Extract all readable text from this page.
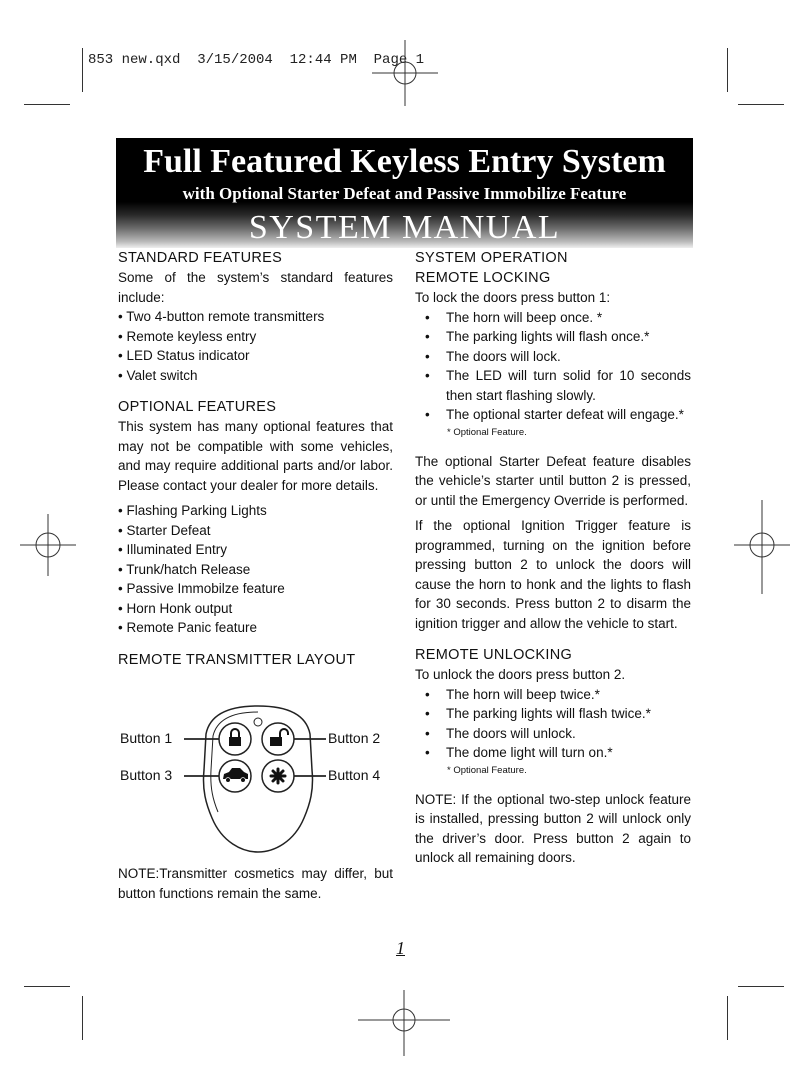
853 new.qxd  3/15/2004  12:44 PM  Page 1
Full Featured Keyless Entry System
with Optional Starter Defeat and Passive Immobilize Feature
SYSTEM MANUAL
STANDARD FEATURES

Some of the system’s standard features include:

• Two 4-button remote transmitters
• Remote keyless entry
• LED Status indicator
• Valet switch
OPTIONAL FEATURES

This system has many optional features that may not be compatible with some vehicles, and may require additional parts and/or labor. Please contact your dealer for more details.

• Flashing Parking Lights
• Starter Defeat
• Illuminated Entry
• Trunk/hatch Release
• Passive Immobilze feature
• Horn Honk output
• Remote Panic feature
REMOTE TRANSMITTER LAYOUT
Button 1	Button 2
Button 3	Button 4

NOTE:Transmitter cosmetics may differ, but button functions remain the same.

SYSTEM OPERATION
REMOTE LOCKING

To lock the doors press button 1:

• The horn will beep once. *
• The parking lights will flash once.*
• The doors will lock.
• The LED will turn solid for 10 seconds then start flashing slowly.
• The optional starter defeat will engage.*
* Optional Feature.

The optional Starter Defeat feature disables the vehicle’s starter until button 2 is pressed, or until the Emergency Override is performed.

If the optional Ignition Trigger feature is programmed, turning on the ignition before pressing button 2 to unlock the doors will cause the horn to honk and the lights to flash for 30 seconds. Press button 2 to disarm the ignition trigger and allow the vehicle to start.

REMOTE UNLOCKING

To unlock the doors press button 2.

• The horn will beep twice.*
• The parking lights will flash twice.*
• The doors will unlock.
• The dome light will turn on.*
* Optional Feature.

NOTE: If the optional two-step unlock feature is installed, pressing button 2 will unlock only the driver’s door. Press button 2 again to unlock all remaining doors.

1
